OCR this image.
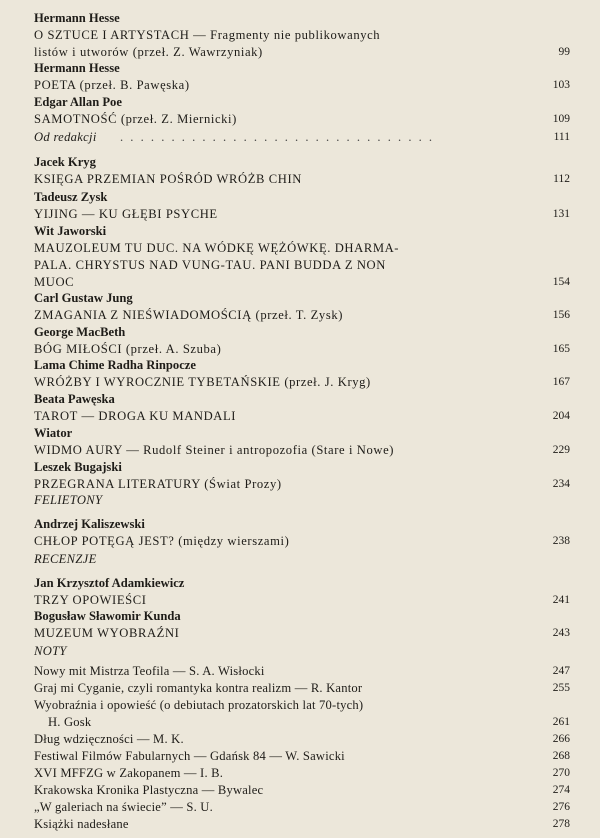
Hermann Hesse
O SZTUCE I ARTYSTACH — Fragmenty nie publikowanych
listów i utworów (przeł. Z. Wawrzyniak)	99
Hermann Hesse
POETA (przeł. B. Pawęska)	103
Edgar Allan Poe
SAMOTNOŚĆ (przeł. Z. Miernicki)	109
Od redakcji	. . . . . . . . . . . . . . . . . . . . . . . . . . . . . . .	111
Jacek Kryg
KSIĘGA PRZEMIAN POŚRÓD WRÓŻB CHIN	112
Tadeusz Zysk
YIJING — KU GŁĘBI PSYCHE	131
Wit Jaworski
MAUZOLEUM TU DUC. NA WÓDKĘ WĘŻÓWKĘ. DHARMA-
PALA. CHRYSTUS NAD VUNG-TAU. PANI BUDDA Z NON
MUOC	154
Carl Gustaw Jung
ZMAGANIA Z NIEŚWIADOMOŚCIĄ (przeł. T. Zysk)	156
George MacBeth
BÓG MIŁOŚCI (przeł. A. Szuba)	165
Lama Chime Radha Rinpocze
WRÓŻBY I WYROCZNIE TYBETAŃSKIE (przeł. J. Kryg)	167
Beata Pawęska
TAROT — DROGA KU MANDALI	204
Wiator
WIDMO AURY — Rudolf Steiner i antropozofia (Stare i Nowe)	229
Leszek Bugajski
PRZEGRANA LITERATURY (Świat Prozy)	234
FELIETONY
Andrzej Kaliszewski
CHŁOP POTĘGĄ JEST? (między wierszami)	238
RECENZJE
Jan Krzysztof Adamkiewicz
TRZY OPOWIEŚCI	241
Bogusław Sławomir Kunda
MUZEUM WYOBRAŹNI	243
NOTY
Nowy mit Mistrza Teofila — S. A. Wisłocki	247
Graj mi Cyganie, czyli romantyka kontra realizm — R. Kantor	255
Wyobraźnia i opowieść (o debiutach prozatorskich lat 70-tych)
H. Gosk	261
Dług wdzięczności — M. K.	266
Festiwal Filmów Fabularnych — Gdańsk 84 — W. Sawicki	268
XVI MFFZG w Zakopanem — I. B.	270
Krakowska Kronika Plastyczna — Bywalec	274
„W galeriach na świecie” — S. U.	276
Książki nadesłane	278
